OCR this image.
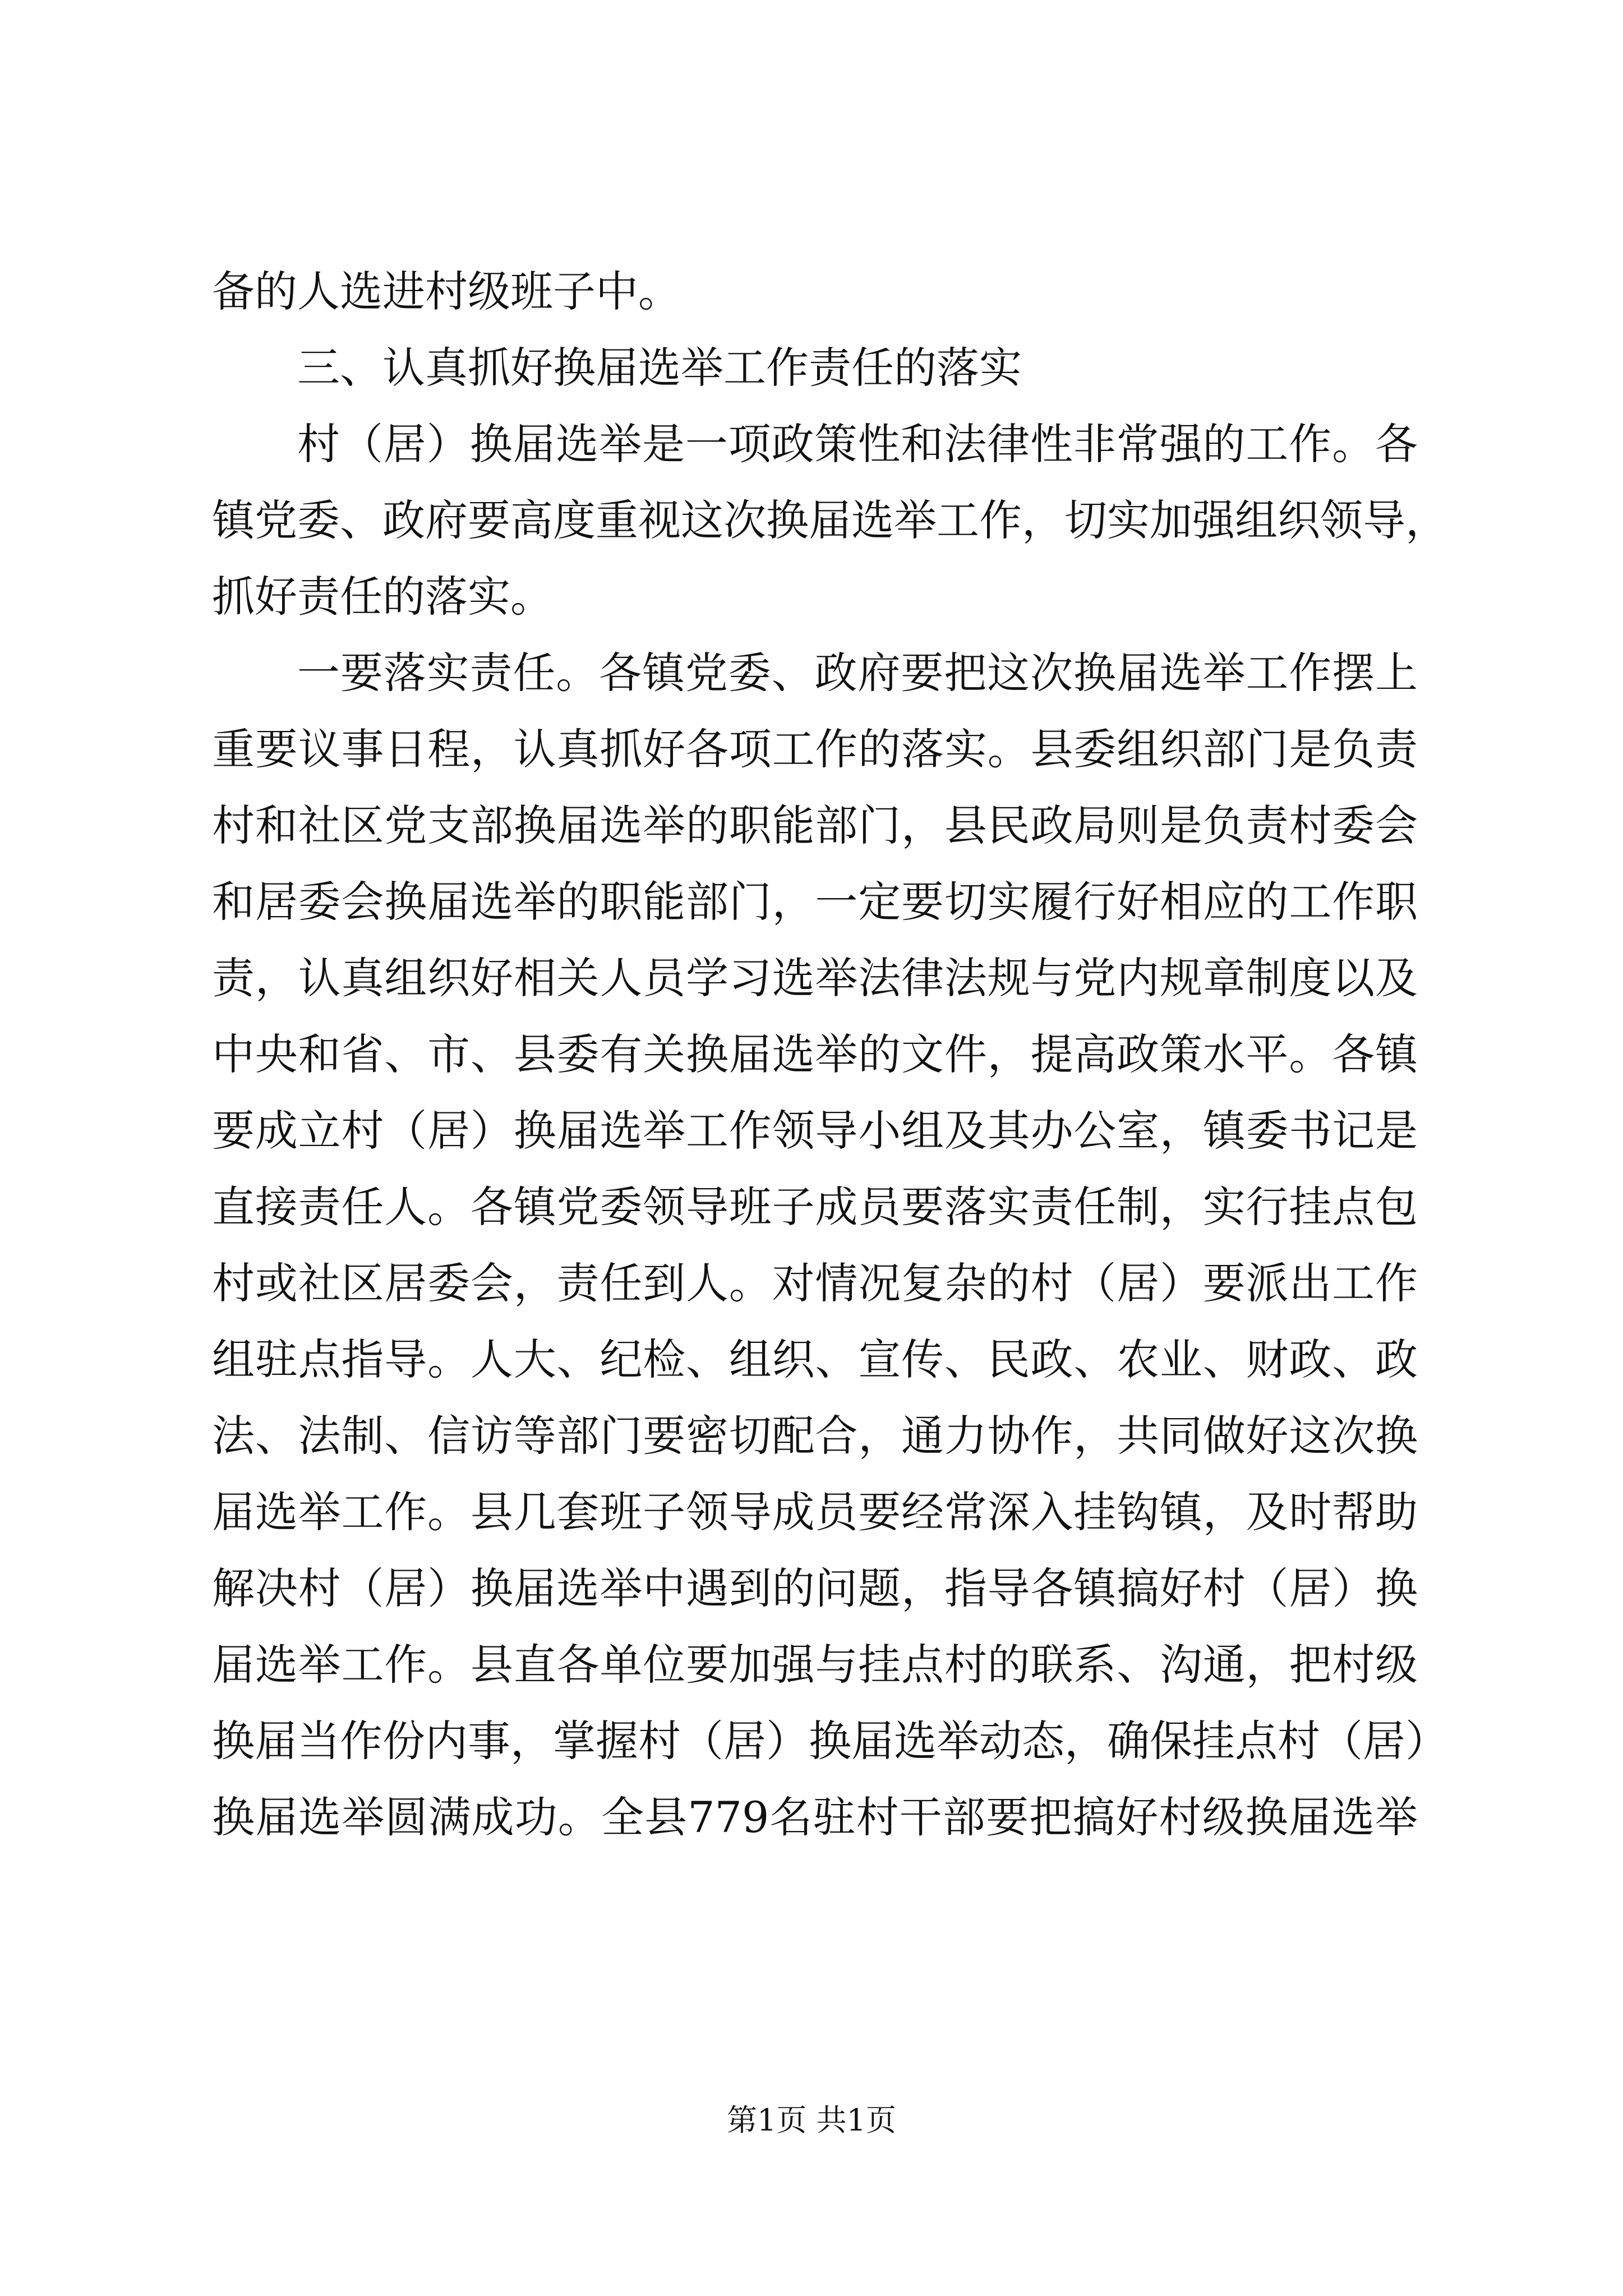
备的人选进村级班子中。
三、认真抓好换届选举工作责任的落实
村（居）换届选举是一项政策性和法律性非常强的工作。各
镇党委、政府要高度重视这次换届选举工作，切实加强组织领导，
抓好责任的落实。
一要落实责任。各镇党委、政府要把这次换届选举工作摆上
重要议事日程，认真抓好各项工作的落实。县委组织部门是负责
村和社区党支部换届选举的职能部门，县民政局则是负责村委会
和居委会换届选举的职能部门，一定要切实履行好相应的工作职
责，认真组织好相关人员学习选举法律法规与党内规章制度以及
中央和省、市、县委有关换届选举的文件，提高政策水平。各镇
要成立村（居）换届选举工作领导小组及其办公室，镇委书记是
直接责任人。各镇党委领导班子成员要落实责任制，实行挂点包
村或社区居委会，责任到人。对情况复杂的村（居）要派出工作
组驻点指导。人大、纪检、组织、宣传、民政、农业、财政、政
法、法制、信访等部门要密切配合，通力协作，共同做好这次换
届选举工作。县几套班子领导成员要经常深入挂钩镇，及时帮助
解决村（居）换届选举中遇到的问题，指导各镇搞好村（居）换
届选举工作。县直各单位要加强与挂点村的联系、沟通，把村级
换届当作份内事，掌握村（居）换届选举动态，确保挂点村（居）
换届选举圆满成功。全县779名驻村干部要把搞好村级换届选举
第1页 共1页
